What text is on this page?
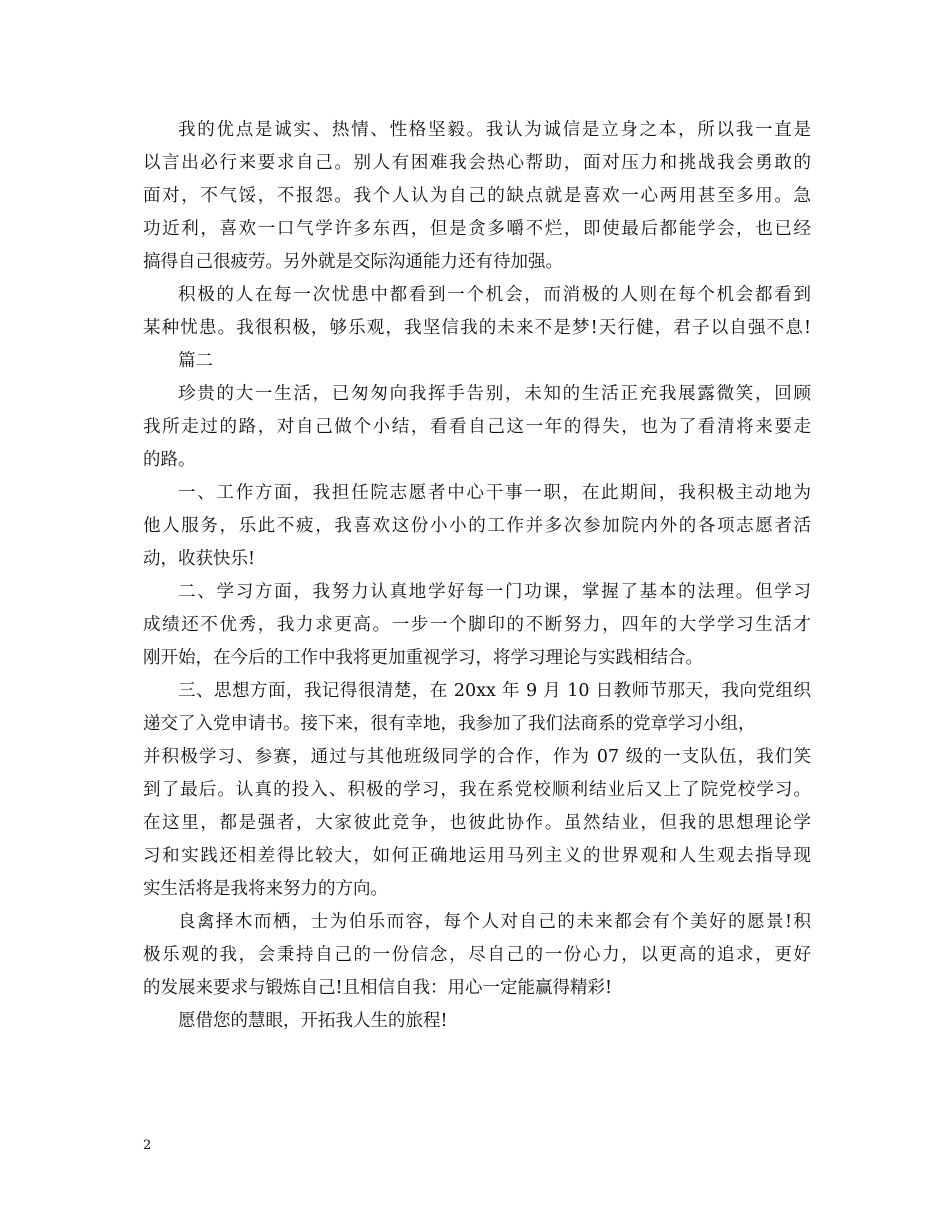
我的优点是诚实、热情、性格坚毅。我认为诚信是立身之本，所以我一直是
以言出必行来要求自己。别人有困难我会热心帮助，面对压力和挑战我会勇敢的
面对，不气馁，不报怨。我个人认为自己的缺点就是喜欢一心两用甚至多用。急
功近利，喜欢一口气学许多东西，但是贪多嚼不烂，即使最后都能学会，也已经
搞得自己很疲劳。另外就是交际沟通能力还有待加强。
积极的人在每一次忧患中都看到一个机会，而消极的人则在每个机会都看到
某种忧患。我很积极，够乐观，我坚信我的未来不是梦!天行健，君子以自强不息!
篇二
珍贵的大一生活，已匆匆向我挥手告别，未知的生活正充我展露微笑，回顾
我所走过的路，对自己做个小结，看看自己这一年的得失，也为了看清将来要走
的路。
一、工作方面，我担任院志愿者中心干事一职，在此期间，我积极主动地为
他人服务，乐此不疲，我喜欢这份小小的工作并多次参加院内外的各项志愿者活
动，收获快乐!
二、学习方面，我努力认真地学好每一门功课，掌握了基本的法理。但学习
成绩还不优秀，我力求更高。一步一个脚印的不断努力，四年的大学学习生活才
刚开始，在今后的工作中我将更加重视学习，将学习理论与实践相结合。
三、思想方面，我记得很清楚，在 20xx 年 9 月 10 日教师节那天，我向党组织
递交了入党申请书。接下来，很有幸地，我参加了我们法商系的党章学习小组，
并积极学习、参赛，通过与其他班级同学的合作，作为 07 级的一支队伍，我们笑
到了最后。认真的投入、积极的学习，我在系党校顺利结业后又上了院党校学习。
在这里，都是强者，大家彼此竞争，也彼此协作。虽然结业，但我的思想理论学
习和实践还相差得比较大，如何正确地运用马列主义的世界观和人生观去指导现
实生活将是我将来努力的方向。
良禽择木而栖，士为伯乐而容，每个人对自己的未来都会有个美好的愿景!积
极乐观的我，会秉持自己的一份信念，尽自己的一份心力，以更高的追求，更好
的发展来要求与锻炼自己!且相信自我：用心一定能赢得精彩!
愿借您的慧眼，开拓我人生的旅程!
2
